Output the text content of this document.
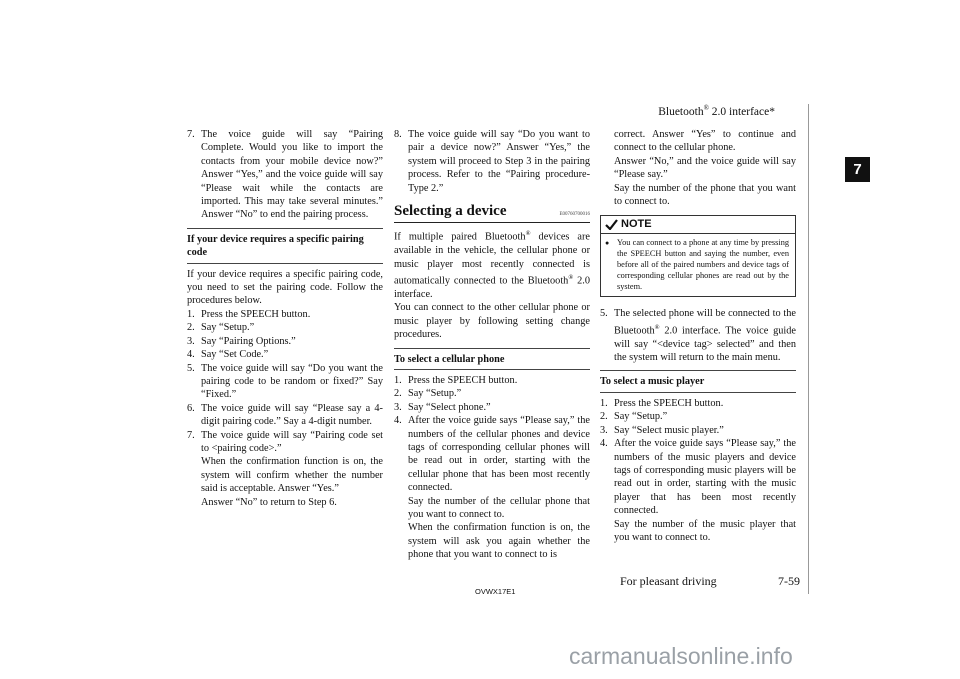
Bluetooth® 2.0 interface*
7
7. The voice guide will say “Pairing Complete. Would you like to import the contacts from your mobile device now?” Answer “Yes,” and the voice guide will say “Please wait while the contacts are imported. This may take several minutes.” Answer “No” to end the pairing process.
If your device requires a specific pairing code

If your device requires a specific pairing code, you need to set the pairing code. Follow the procedures below.

1. Press the SPEECH button.
2. Say “Setup.”
3. Say “Pairing Options.”
4. Say “Set Code.”
5. The voice guide will say “Do you want the pairing code to be random or fixed?” Say “Fixed.”
6. The voice guide will say “Please say a 4-digit pairing code.” Say a 4-digit number.
7. The voice guide will say “Pairing code set to <pairing code>.”
When the confirmation function is on, the system will confirm whether the number said is acceptable. Answer “Yes.”
Answer “No” to return to Step 6.
8. The voice guide will say “Do you want to pair a device now?” Answer “Yes,” the system will proceed to Step 3 in the pairing process. Refer to the “Pairing procedure- Type 2.”
Selecting a device	E00760700016

If multiple paired Bluetooth® devices are available in the vehicle, the cellular phone or music player most recently connected is automatically connected to the Bluetooth® 2.0 interface.

You can connect to the other cellular phone or music player by following setting change procedures.

To select a cellular phone
1. Press the SPEECH button.
2. Say “Setup.”
3. Say “Select phone.”
4. After the voice guide says “Please say,” the numbers of the cellular phones and device tags of corresponding cellular phones will be read out in order, starting with the cellular phone that has been most recently connected.
Say the number of the cellular phone that you want to connect to.
When the confirmation function is on, the system will ask you again whether the phone that you want to connect to is
correct. Answer “Yes” to continue and connect to the cellular phone.
Answer “No,” and the voice guide will say “Please say.”
Say the number of the phone that you want to connect to.
NOTE
● You can connect to a phone at any time by pressing the SPEECH button and saying the number, even before all of the paired numbers and device tags of corresponding cellular phones are read out by the system.
5. The selected phone will be connected to the Bluetooth® 2.0 interface. The voice guide will say “<device tag> selected” and then the system will return to the main menu.
To select a music player
1. Press the SPEECH button.
2. Say “Setup.”
3. Say “Select music player.”
4. After the voice guide says “Please say,” the numbers of the music players and device tags of corresponding music players will be read out in order, starting with the music player that has been most recently connected.
Say the number of the music player that you want to connect to.
OVWX17E1
For pleasant driving	7-59
carmanualsonline.info
